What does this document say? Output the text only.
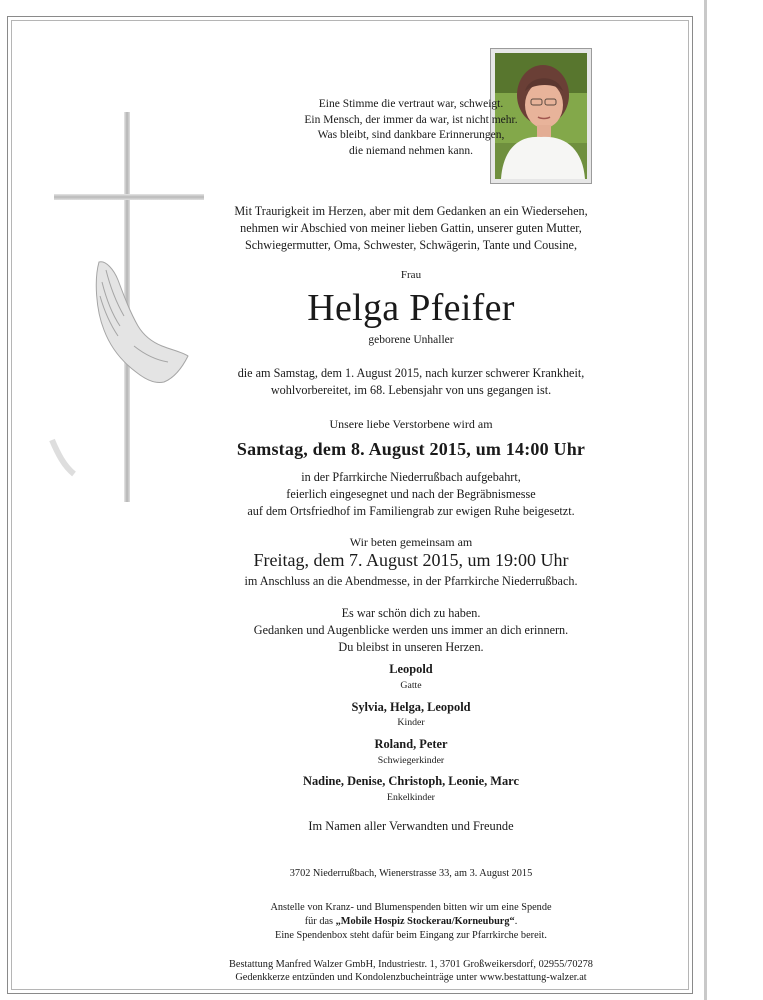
Eine Stimme die vertraut war, schweigt.
Ein Mensch, der immer da war, ist nicht mehr.
Was bleibt, sind dankbare Erinnerungen,
die niemand nehmen kann.
Mit Traurigkeit im Herzen, aber mit dem Gedanken an ein Wiedersehen,
nehmen wir Abschied von meiner lieben Gattin, unserer guten Mutter,
Schwiegermutter, Oma, Schwester, Schwägerin, Tante und Cousine,
Frau
Helga Pfeifer
geborene Unhaller
die am Samstag, dem 1. August 2015, nach kurzer schwerer Krankheit,
wohlvorbereitet, im 68. Lebensjahr von uns gegangen ist.
Unsere liebe Verstorbene wird am
Samstag, dem 8. August 2015, um 14:00 Uhr
in der Pfarrkirche Niederrußbach aufgebahrt,
feierlich eingesegnet und nach der Begräbnismesse
auf dem Ortsfriedhof im Familiengrab zur ewigen Ruhe beigesetzt.
Wir beten gemeinsam am
Freitag, dem 7. August 2015, um 19:00 Uhr
im Anschluss an die Abendmesse, in der Pfarrkirche Niederrußbach.
Es war schön dich zu haben.
Gedanken und Augenblicke werden uns immer an dich erinnern.
Du bleibst in unseren Herzen.
Leopold
Gatte
Sylvia, Helga, Leopold
Kinder
Roland, Peter
Schwiegerkinder
Nadine, Denise, Christoph, Leonie, Marc
Enkelkinder
Im Namen aller Verwandten und Freunde
3702 Niederrußbach, Wienerstrasse 33, am 3. August 2015
Anstelle von Kranz- und Blumenspenden bitten wir um eine Spende
für das „Mobile Hospiz Stockerau/Korneuburg“.
Eine Spendenbox steht dafür beim Eingang zur Pfarrkirche bereit.
Bestattung Manfred Walzer GmbH, Industriestr. 1, 3701 Großweikersdorf, 02955/70278
Gedenkkerze entzünden und Kondolenzbucheinträge unter www.bestattung-walzer.at
